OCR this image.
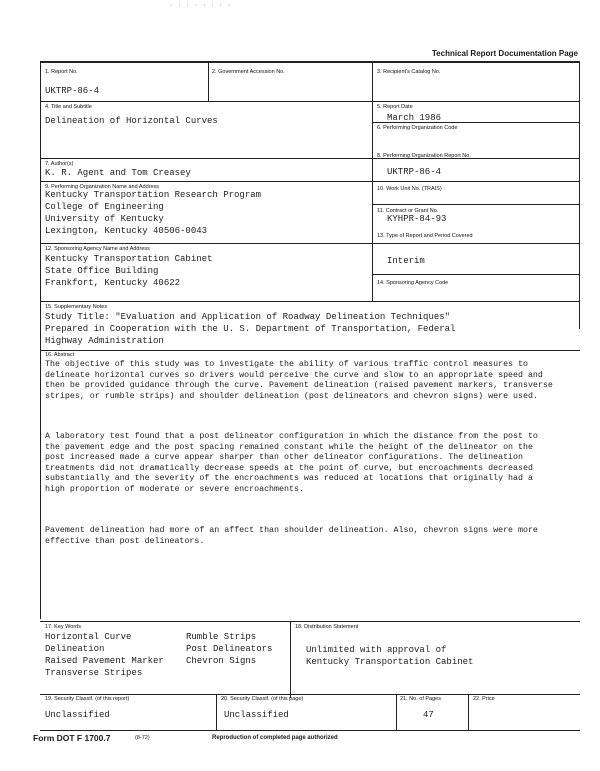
· · · · · · · ·
Technical Report Documentation Page
1. Report No.
UKTRP-86-4
2. Government Accession No.	3. Recipient's Catalog No.
4. Title and Subtitle
Delineation of Horizontal Curves
5. Report Date
March 1986
6. Performing Organization Code
7. Author(s)
K. R. Agent and Tom Creasey
8. Performing Organization Report No.
UKTRP-86-4
9. Performing Organization Name and Address
Kentucky Transportation Research Program
College of Engineering
University of Kentucky
Lexington, Kentucky 40506-0043
10. Work Unit No. (TRAIS)
11. Contract or Grant No.
KYHPR-84-93
13. Type of Report and Period Covered
Interim
12. Sponsoring Agency Name and Address
Kentucky Transportation Cabinet
State Office Building
Frankfort, Kentucky 40622	14. Sponsoring Agency Code
15. Supplementary Notes
Study Title: "Evaluation and Application of Roadway Delineation Techniques"
Prepared in Cooperation with the U. S. Department of Transportation, Federal
Highway Administration
16. Abstract
The objective of this study was to investigate the ability of various traffic control measures to delineate horizontal curves so drivers would perceive the curve and slow to an appropriate speed and then be provided guidance through the curve. Pavement delineation (raised pavement markers, transverse stripes, or rumble strips) and shoulder delineation (post delineators and chevron signs) were used.
A laboratory test found that a post delineator configuration in which the distance from the post to the pavement edge and the post spacing remained constant while the height of the delineator on the post increased made a curve appear sharper than other delineator configurations. The delineation treatments did not dramatically decrease speeds at the point of curve, but encroachments decreased substantially and the severity of the encroachments was reduced at locations that originally had a high proportion of moderate or severe encroachments.
Pavement delineation had more of an affect than shoulder delineation. Also, chevron signs were more effective than post delineators.
17. Key Words
Horizontal Curve
Delineation
Raised Pavement Marker
Transverse Stripes
Rumble Strips
Post Delineators
Chevron Signs
18. Distribution Statement
Unlimited with approval of
Kentucky Transportation Cabinet
19. Security Classif. (of this report)
Unclassified
20. Security Classif. (of this page)
Unclassified
21. No. of Pages
47
22. Price
Form DOT F 1700.7	(8-72)	Reproduction of completed page authorized
